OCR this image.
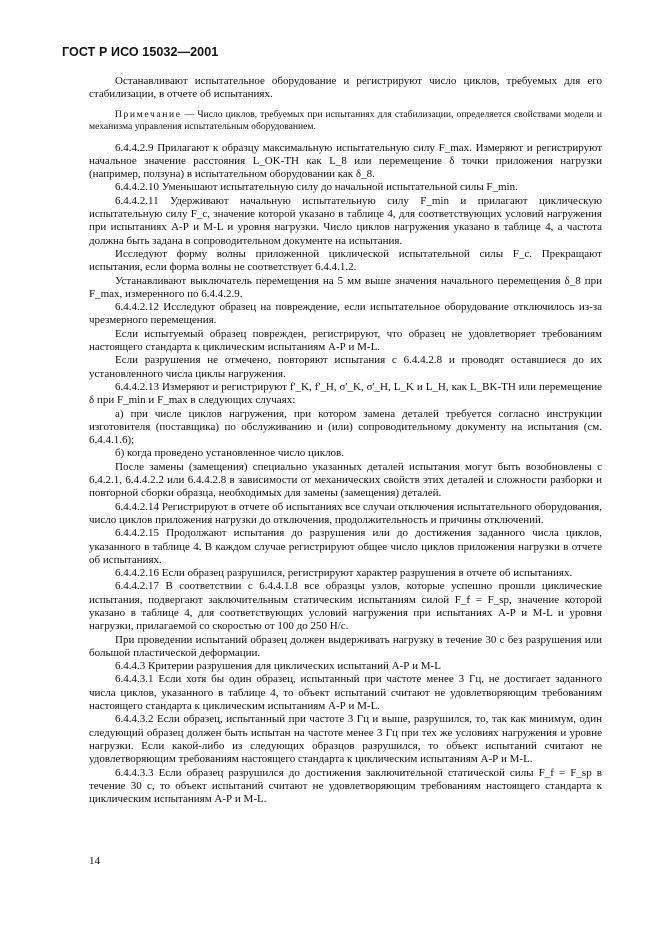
ГОСТ Р ИСО 15032—2001

Останавливают испытательное оборудование и регистрируют число циклов, требуемых для его стабилизации, в отчете об испытаниях.

Примечание — Число циклов, требуемых при испытаниях для стабилизации, определяется свойствами модели и механизма управления испытательным оборудованием.

6.4.4.2.9 Прилагают к образцу максимальную испытательную силу F_max. Измеряют и регистрируют начальное значение расстояния L_OK-TH как L_8 или перемещение δ точки приложения нагрузки (например, ползуна) в испытательном оборудовании как δ_8.

6.4.4.2.10 Уменьшают испытательную силу до начальной испытательной силы F_min.

6.4.4.2.11 Удерживают начальную испытательную силу F_min и прилагают циклическую испытательную силу F_c, значение которой указано в таблице 4, для соответствующих условий нагружения при испытаниях А-Р и М-L и уровня нагрузки. Число циклов нагружения указано в таблице 4, а частота должна быть задана в сопроводительном документе на испытания.

Исследуют форму волны приложенной циклической испытательной силы F_c. Прекращают испытания, если форма волны не соответствует 6.4.4.1.2.

Устанавливают выключатель перемещения на 5 мм выше значения начального перемещения δ_8 при F_max, измеренного по 6.4.4.2.9.

6.4.4.2.12 Исследуют образец на повреждение, если испытательное оборудование отключилось из-за чрезмерного перемещения.

Если испытуемый образец поврежден, регистрируют, что образец не удовлетворяет требованиям настоящего стандарта к циклическим испытаниям А-Р и М-L.

Если разрушения не отмечено, повторяют испытания с 6.4.4.2.8 и проводят оставшиеся до их установленного числа циклы нагружения.

6.4.4.2.13 Измеряют и регистрируют f'_K, f'_H, σ'_K, σ'_H, L_K и L_H, как L_BK-TH или перемещение δ при F_min и F_max в следующих случаях:

а) при числе циклов нагружения, при котором замена деталей требуется согласно инструкции изготовителя (поставщика) по обслуживанию и (или) сопроводительному документу на испытания (см. 6.4.4.1.6);

б) когда проведено установленное число циклов.

После замены (замещения) специально указанных деталей испытания могут быть возобновлены с 6.4.2.1, 6.4.4.2.2 или 6.4.4.2.8 в зависимости от механических свойств этих деталей и сложности разборки и повторной сборки образца, необходимых для замены (замещения) деталей.

6.4.4.2.14 Регистрируют в отчете об испытаниях все случаи отключения испытательного оборудования, число циклов приложения нагрузки до отключения, продолжительность и причины отключений.

6.4.4.2.15 Продолжают испытания до разрушения или до достижения заданного числа циклов, указанного в таблице 4. В каждом случае регистрируют общее число циклов приложения нагрузки в отчете об испытаниях.

6.4.4.2.16 Если образец разрушился, регистрируют характер разрушения в отчете об испытаниях.

6.4.4.2.17 В соответствии с 6.4.4.1.8 все образцы узлов, которые успешно прошли циклические испытания, подвергают заключительным статическим испытаниям силой F_f = F_sp, значение которой указано в таблице 4, для соответствующих условий нагружения при испытаниях А-Р и М-L и уровня нагрузки, прилагаемой со скоростью от 100 до 250 Н/с.

При проведении испытаний образец должен выдерживать нагрузку в течение 30 с без разрушения или большой пластической деформации.

6.4.4.3 Критерии разрушения для циклических испытаний А-Р и М-L

6.4.4.3.1 Если хотя бы один образец, испытанный при частоте менее 3 Гц, не достигает заданного числа циклов, указанного в таблице 4, то объект испытаний считают не удовлетворяющим требованиям настоящего стандарта к циклическим испытаниям А-Р и М-L.

6.4.4.3.2 Если образец, испытанный при частоте 3 Гц и выше, разрушился, то, так как минимум, один следующий образец должен быть испытан на частоте менее 3 Гц при тех же условиях нагружения и уровне нагрузки. Если какой-либо из следующих образцов разрушился, то объект испытаний считают не удовлетворяющим требованиям настоящего стандарта к циклическим испытаниям А-Р и М-L.

6.4.4.3.3 Если образец разрушился до достижения заключительной статической силы F_f = F_sp в течение 30 с, то объект испытаний считают не удовлетворяющим требованиям настоящего стандарта к циклическим испытаниям А-Р и М-L.

14
